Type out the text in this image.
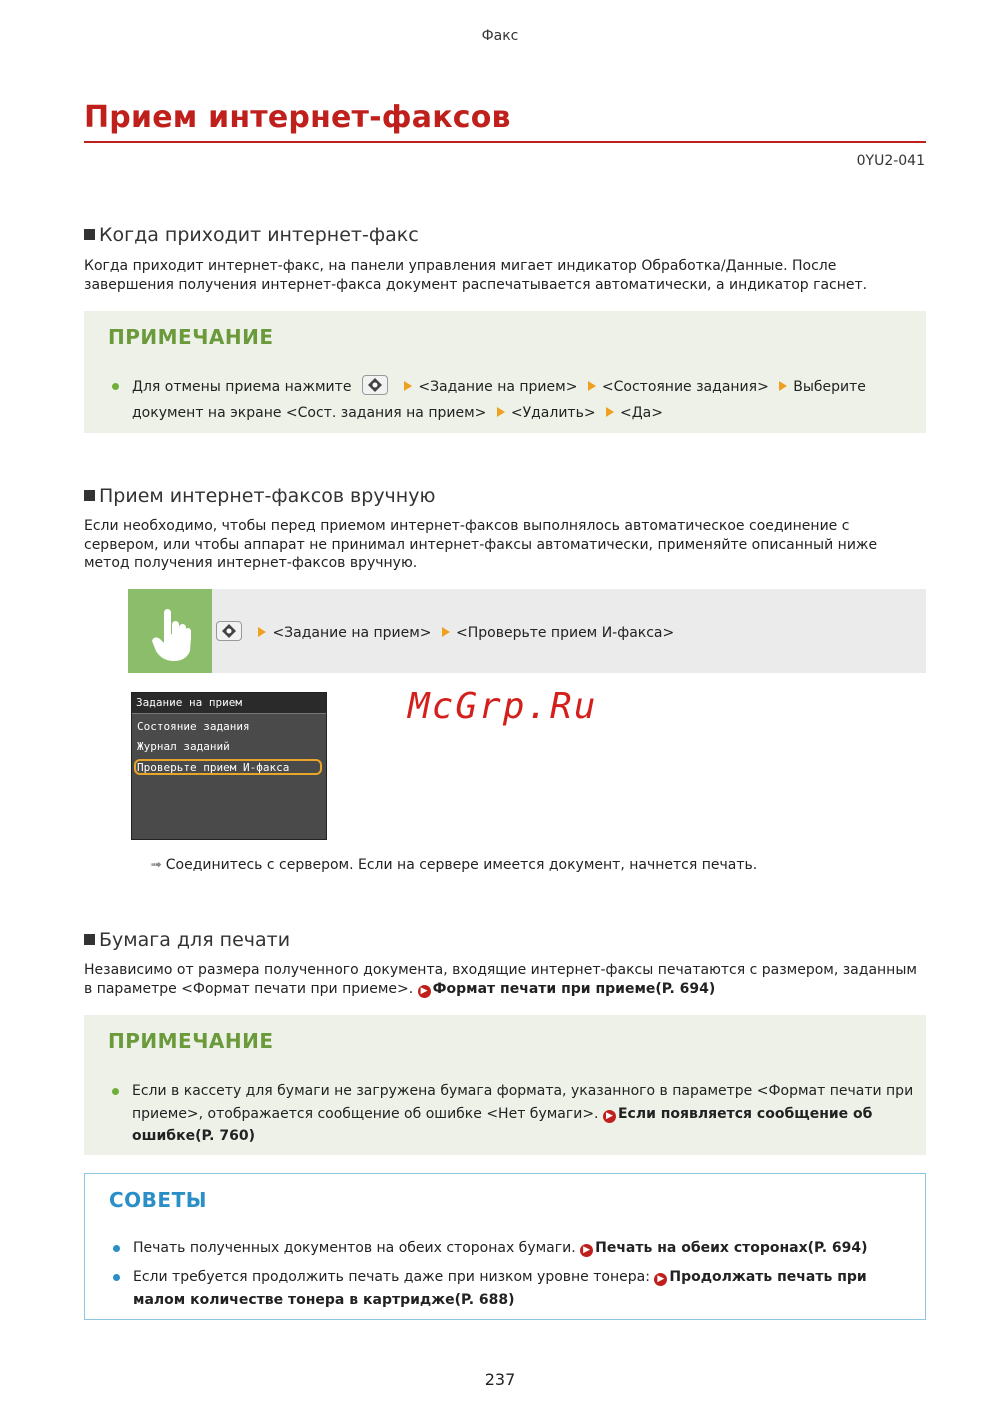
Факс
Прием интернет-факсов
0YU2-041
Когда приходит интернет-факс
Когда приходит интернет-факс, на панели управления мигает индикатор Обработка/Данные. После
завершения получения интернет-факса документ распечатывается автоматически, а индикатор гаснет.
ПРИМЕЧАНИЕ
Для отмены приема нажмите	<Задание на прием> <Состояние задания> Выберите
документ на экране <Сост. задания на прием> <Удалить> <Да>
Прием интернет-факсов вручную
Если необходимо, чтобы перед приемом интернет-факсов выполнялось автоматическое соединение с
сервером, или чтобы аппарат не принимал интернет-факсы автоматически, применяйте описанный ниже
метод получения интернет-факсов вручную.
<Задание на прием> <Проверьте прием И-факса>
Задание на прием
Состояние задания
Журнал заданий
Проверьте прием И-факса
McGrp.Ru
➟ Соединитесь с сервером. Если на сервере имеется документ, начнется печать.
Бумага для печати
Независимо от размера полученного документа, входящие интернет-факсы печатаются с размером, заданным
в параметре <Формат печати при приеме>. ▶ Формат печати при приеме(P. 694)
ПРИМЕЧАНИЕ
Если в кассету для бумаги не загружена бумага формата, указанного в параметре <Формат печати при
приеме>, отображается сообщение об ошибке <Нет бумаги>. ▶ Если появляется сообщение об
ошибке(P. 760)
СОВЕТЫ
Печать полученных документов на обеих сторонах бумаги. ▶ Печать на обеих сторонах(P. 694)
Если требуется продолжить печать даже при низком уровне тонера: ▶ Продолжать печать при
малом количестве тонера в картридже(P. 688)
237
